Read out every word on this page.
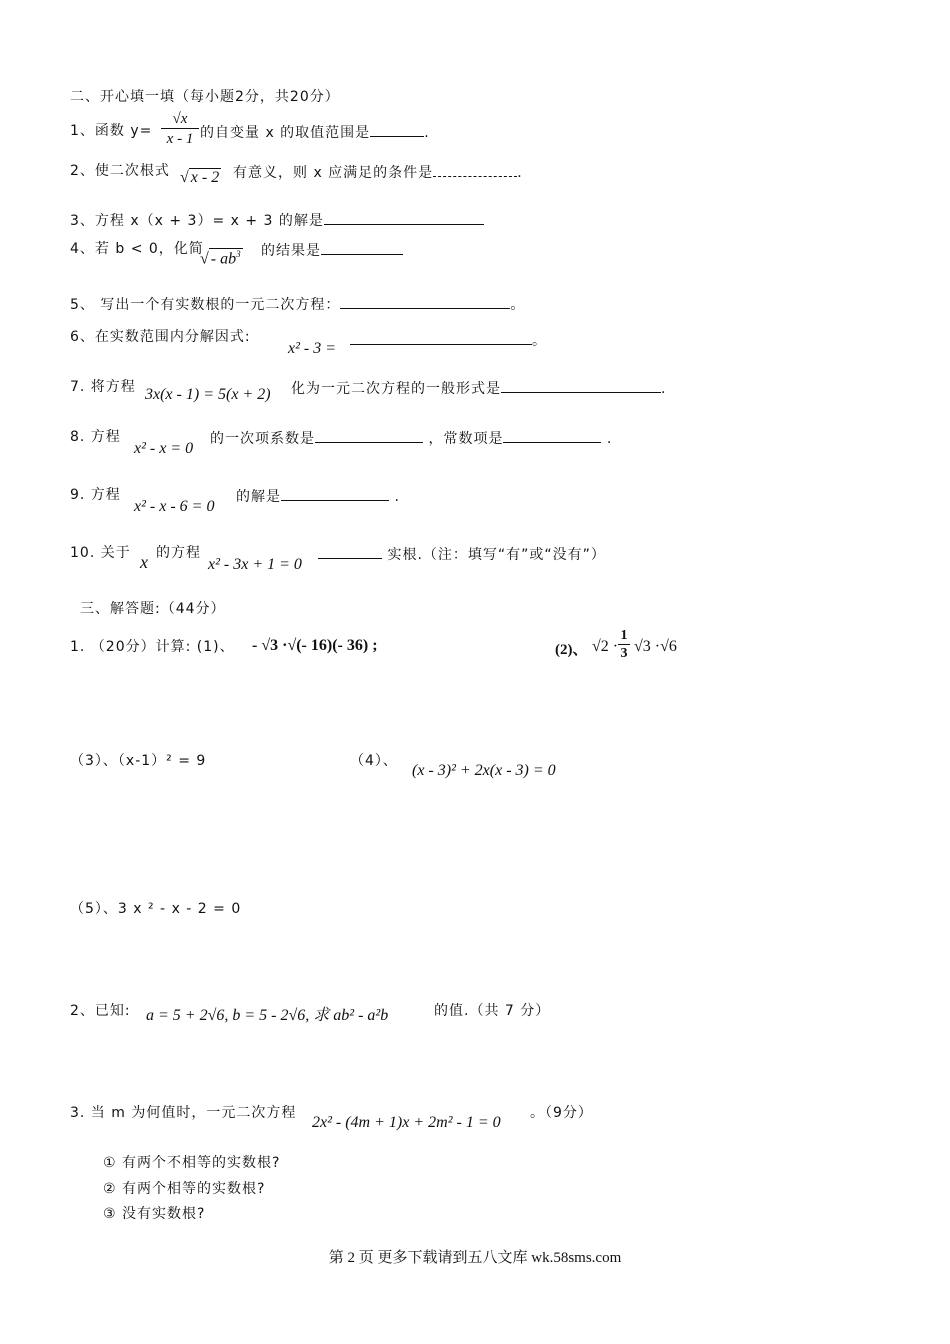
二、开心填一填（每小题2分，共20分）
1、函数 $y= \frac{√x}{x - 1}$ 的自变量 x 的取值范围是	.
2、使二次根式 √ x - 2 有意义，则 x 应满足的条件是	.
3、方程 x（x + 3）= x + 3 的解是
4、若 b < 0，化简
√ - $ab^3$ 的结果是
5、 写出一个有实数根的一元二次方程：	。
6、在实数范围内分解因式:
x² - 3 =	。
7. 将方程 3x(x - 1) = 5(x + 2) 化为一元二次方程的一般形式是	.
8. 方程
x² - x = 0
的一次项系数是	，常数项是	.
9. 方程
x² - x - 6 = 0
的解是	.
10. 关于 x 的方程
x² - 3x + 1 = 0
实根.（注：填写“有”或“没有”）
三、解答题:（44分）
1. （20分）计算: (1)、 - √3 ·√(- 16)(- 36) ;	(2)、 $√2 \cdot \frac{1}{3} √3 \cdot√6$
（3）、（x-1）² = 9	（4）、
(x - 3)² + 2x(x - 3) = 0
（5）、3 x ² - x - 2 = 0
2、已知: a = 5 + 2√6, b = 5 - 2√6, 求 ab² - a²b	的值.（共 7 分）
3. 当 m 为何值时，一元二次方程
2x² - (4m + 1)x + 2m² - 1 = 0
。（9分）
① 有两个不相等的实数根?
② 有两个相等的实数根?
③ 没有实数根?
第 2 页 更多下载请到五八文库 wk.58sms.com
